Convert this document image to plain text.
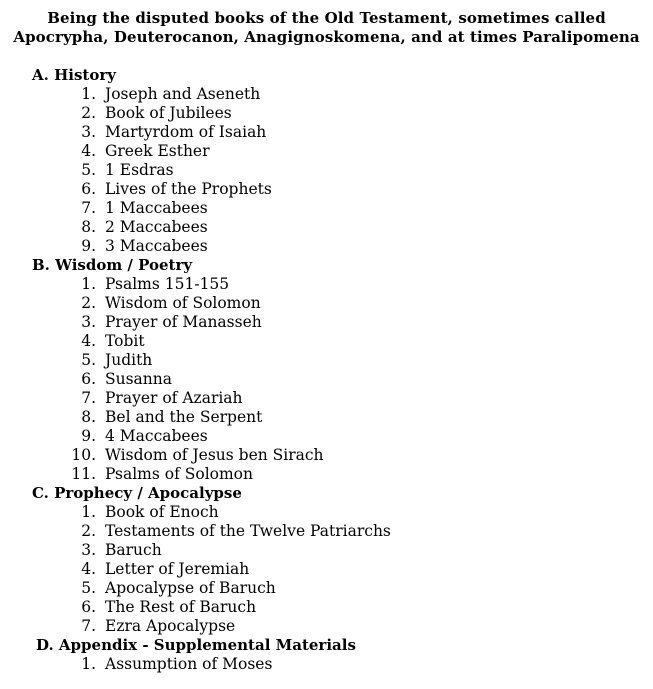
Being the disputed books of the Old Testament, sometimes called
Apocrypha, Deuterocanon, Anagignoskomena, and at times Paralipomena
A. History
1. Joseph and Aseneth
2. Book of Jubilees
3. Martyrdom of Isaiah
4. Greek Esther
5. 1 Esdras
6. Lives of the Prophets
7. 1 Maccabees
8. 2 Maccabees
9. 3 Maccabees
B. Wisdom / Poetry
1. Psalms 151-155
2. Wisdom of Solomon
3. Prayer of Manasseh
4. Tobit
5. Judith
6. Susanna
7. Prayer of Azariah
8. Bel and the Serpent
9. 4 Maccabees
10. Wisdom of Jesus ben Sirach
11. Psalms of Solomon
C. Prophecy / Apocalypse
1. Book of Enoch
2. Testaments of the Twelve Patriarchs
3. Baruch
4. Letter of Jeremiah
5. Apocalypse of Baruch
6. The Rest of Baruch
7. Ezra Apocalypse
D. Appendix - Supplemental Materials
1. Assumption of Moses
